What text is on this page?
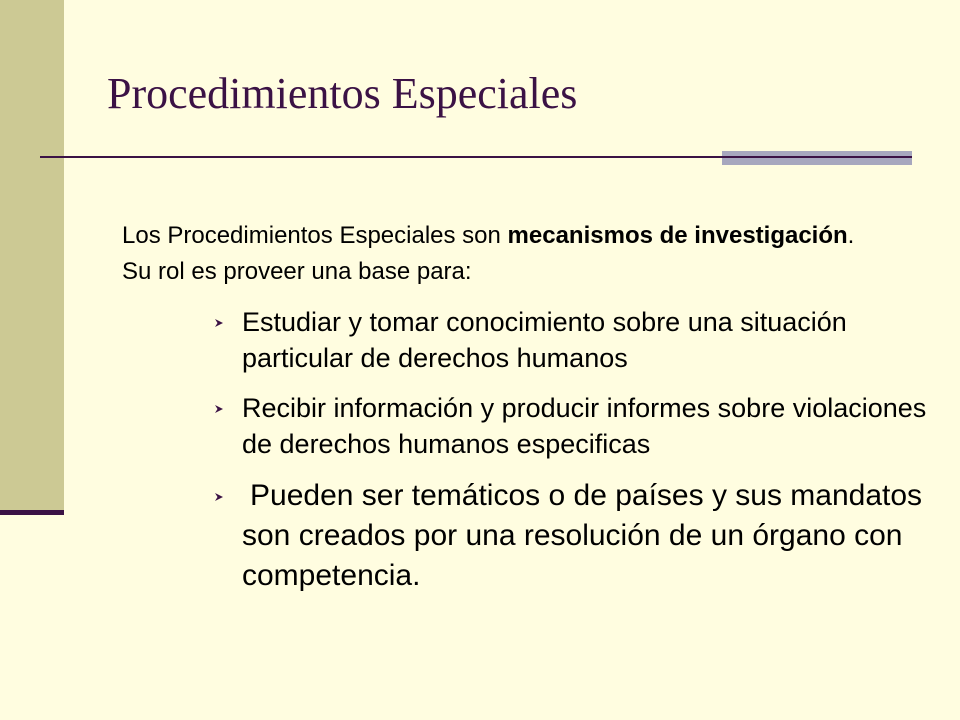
Procedimientos Especiales

Los Procedimientos Especiales son mecanismos de investigación. Su rol es proveer una base para:

Estudiar y tomar conocimiento sobre una situación particular de derechos humanos
Recibir información y producir informes sobre violaciones de derechos humanos especificas
Pueden ser temáticos o de países y sus mandatos son creados por una resolución de un órgano con competencia.
